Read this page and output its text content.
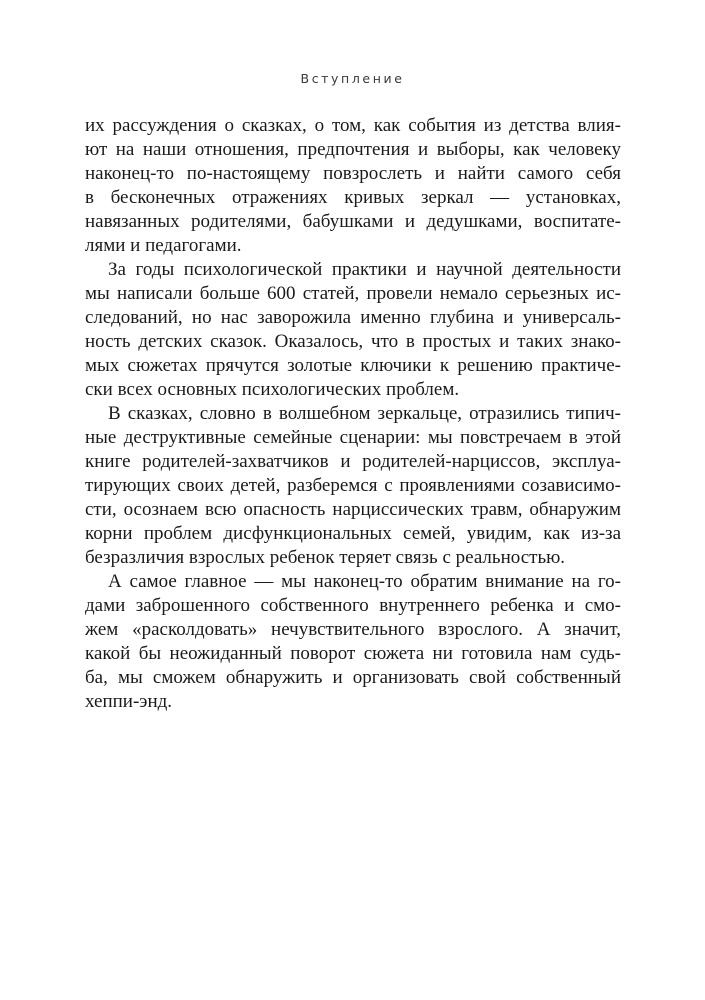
Вступление
их рассуждения о сказках, о том, как события из детства влия-
ют на наши отношения, предпочтения и выборы, как человеку
наконец-то по-настоящему повзрослеть и найти самого себя
в бесконечных отражениях кривых зеркал — установках,
навязанных родителями, бабушками и дедушками, воспитате-
лями и педагогами.
За годы психологической практики и научной деятельности
мы написали больше 600 статей, провели немало серьезных ис-
следований, но нас заворожила именно глубина и универсаль-
ность детских сказок. Оказалось, что в простых и таких знако-
мых сюжетах прячутся золотые ключики к решению практиче-
ски всех основных психологических проблем.
В сказках, словно в волшебном зеркальце, отразились типич-
ные деструктивные семейные сценарии: мы повстречаем в этой
книге родителей-захватчиков и родителей-нарциссов, эксплуа-
тирующих своих детей, разберемся с проявлениями созависимо-
сти, осознаем всю опасность нарциссических травм, обнаружим
корни проблем дисфункциональных семей, увидим, как из-за
безразличия взрослых ребенок теряет связь с реальностью.
А самое главное — мы наконец-то обратим внимание на го-
дами заброшенного собственного внутреннего ребенка и смо-
жем «расколдовать» нечувствительного взрослого. А значит,
какой бы неожиданный поворот сюжета ни готовила нам судь-
ба, мы сможем обнаружить и организовать свой собственный
хеппи-энд.
